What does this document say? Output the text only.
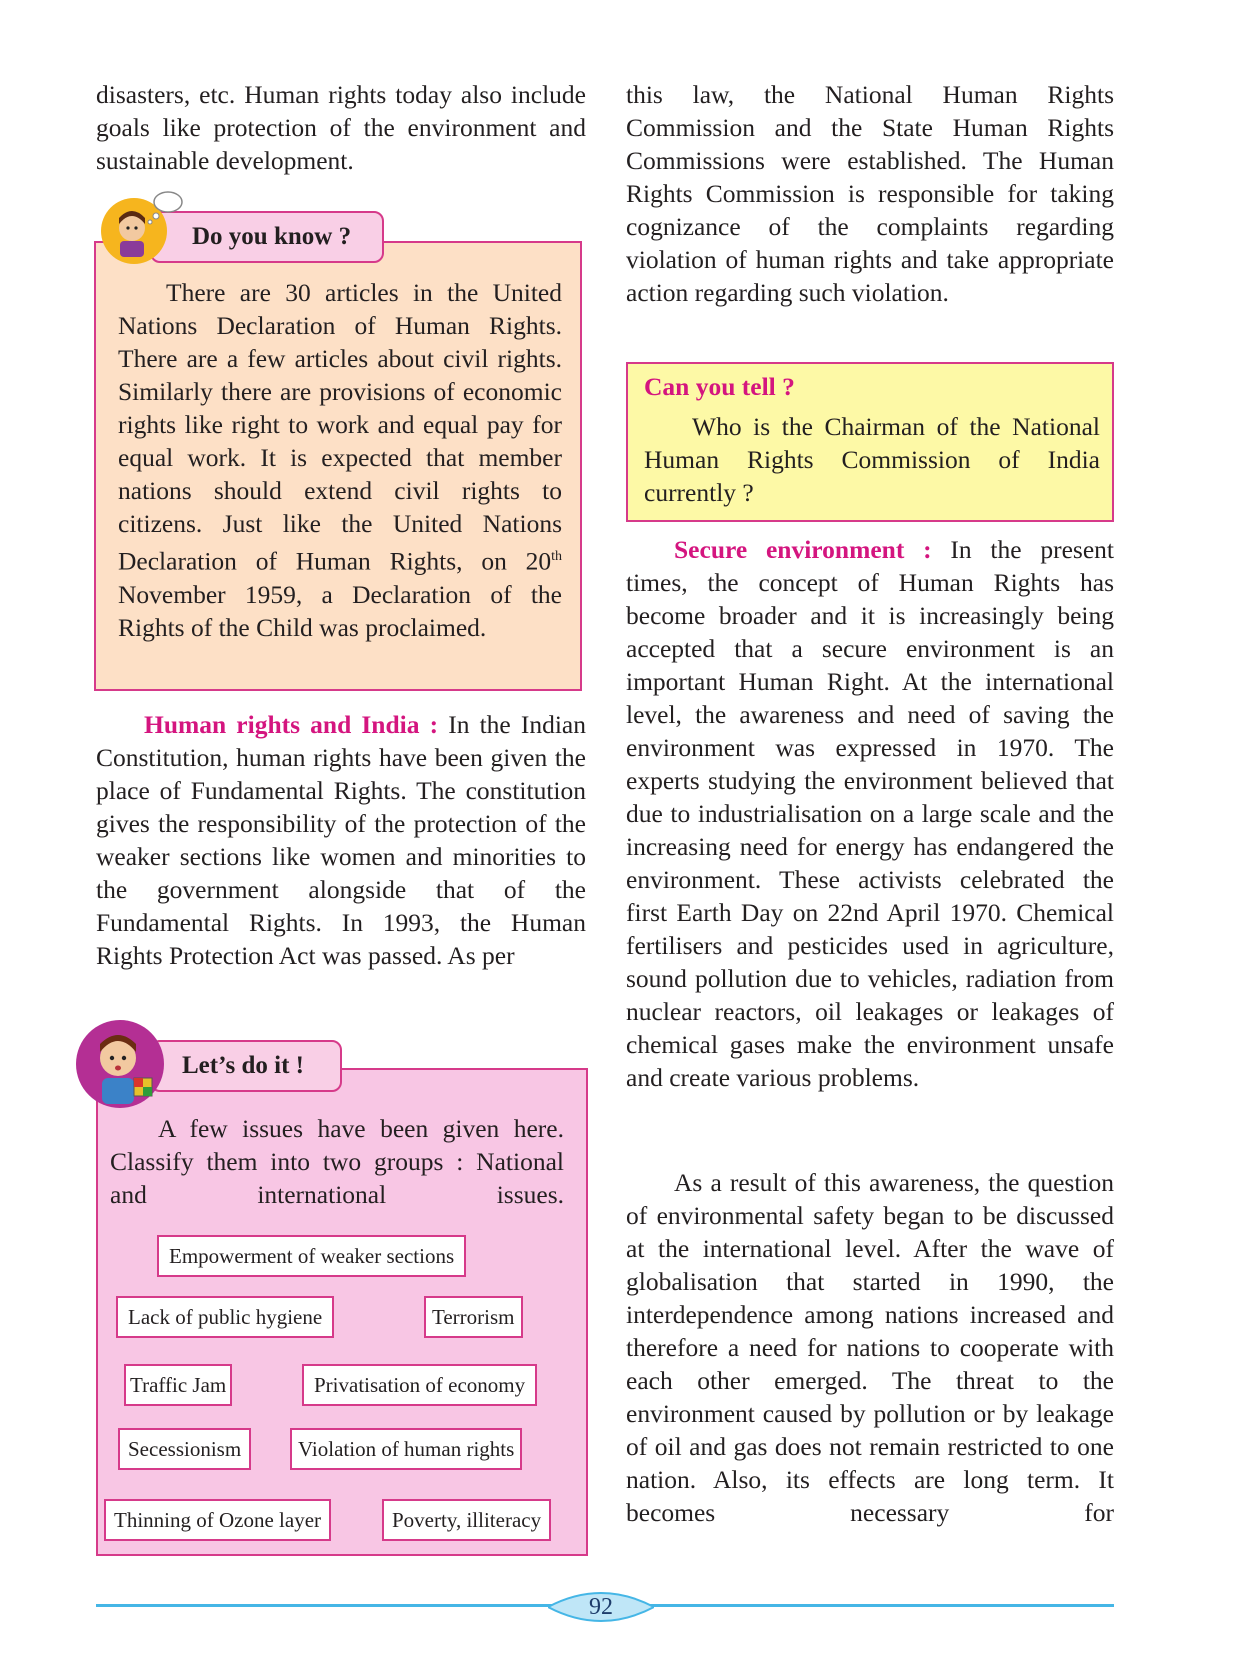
disasters, etc. Human rights today also include goals like protection of the environment and sustainable development.

Do you know ?
There are 30 articles in the United Nations Declaration of Human Rights. There are a few articles about civil rights. Similarly there are provisions of economic rights like right to work and equal pay for equal work. It is expected that member nations should extend civil rights to citizens. Just like the United Nations Declaration of Human Rights, on 20th November 1959, a Declaration of the Rights of the Child was proclaimed.

Human rights and India : In the Indian Constitution, human rights have been given the place of Fundamental Rights. The constitution gives the responsibility of the protection of the weaker sections like women and minorities to the government alongside that of the Fundamental Rights. In 1993, the Human Rights Protection Act was passed. As per

Let’s do it !
A few issues have been given here. Classify them into two groups : National and international issues.
Empowerment of weaker sections
Lack of public hygiene	Terrorism
Traffic Jam	Privatisation of economy
Secessionism	Violation of human rights
Thinning of Ozone layer	Poverty, illiteracy

this law, the National Human Rights Commission and the State Human Rights Commissions were established. The Human Rights Commission is responsible for taking cognizance of the complaints regarding violation of human rights and take appropriate action regarding such violation.

Can you tell ?
Who is the Chairman of the National Human Rights Commission of India currently ?

Secure environment : In the present times, the concept of Human Rights has become broader and it is increasingly being accepted that a secure environment is an important Human Right. At the international level, the awareness and need of saving the environment was expressed in 1970. The experts studying the environment believed that due to industrialisation on a large scale and the increasing need for energy has endangered the environment. These activists celebrated the first Earth Day on 22nd April 1970. Chemical fertilisers and pesticides used in agriculture, sound pollution due to vehicles, radiation from nuclear reactors, oil leakages or leakages of chemical gases make the environment unsafe and create various problems.

As a result of this awareness, the question of environmental safety began to be discussed at the international level. After the wave of globalisation that started in 1990, the interdependence among nations increased and therefore a need for nations to cooperate with each other emerged. The threat to the environment caused by pollution or by leakage of oil and gas does not remain restricted to one nation. Also, its effects are long term. It becomes necessary for

92
